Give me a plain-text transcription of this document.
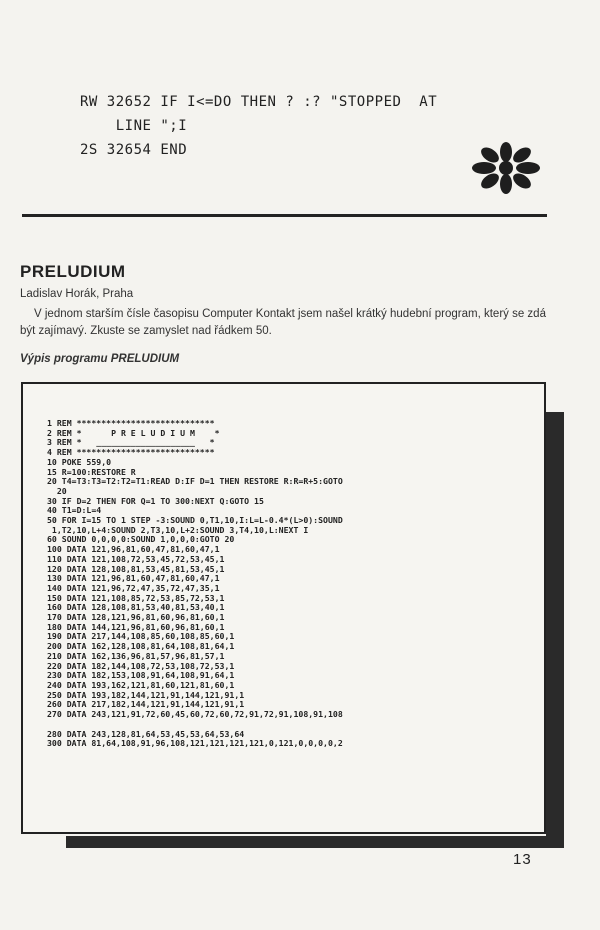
RW 32652 IF I<=DO THEN ? :? "STOPPED  AT
LINE ";I
2S 32654 END
PRELUDIUM
Ladislav Horák, Praha
V jednom starším čísle časopisu Computer Kontakt jsem našel krátký hudební program, který se zdá být zajímavý. Zkuste se zamyslet nad řádkem 50.
Výpis programu PRELUDIUM
1 REM ****************************
2 REM *      P R E L U D I U M    *
3 REM *   ____________________   *
4 REM ****************************
10 POKE 559,0
15 R=100:RESTORE R
20 T4=T3:T3=T2:T2=T1:READ D:IF D=1 THEN RESTORE R:R=R+5:GOTO
20
30 IF D=2 THEN FOR Q=1 TO 300:NEXT Q:GOTO 15
40 T1=D:L=4
50 FOR I=15 TO 1 STEP -3:SOUND 0,T1,10,I:L=L-0.4*(L>0):SOUND
1,T2,10,L+4:SOUND 2,T3,10,L+2:SOUND 3,T4,10,L:NEXT I
60 SOUND 0,0,0,0:SOUND 1,0,0,0:GOTO 20
100 DATA 121,96,81,60,47,81,60,47,1
110 DATA 121,108,72,53,45,72,53,45,1
120 DATA 128,108,81,53,45,81,53,45,1
130 DATA 121,96,81,60,47,81,60,47,1
140 DATA 121,96,72,47,35,72,47,35,1
150 DATA 121,108,85,72,53,85,72,53,1
160 DATA 128,108,81,53,40,81,53,40,1
170 DATA 128,121,96,81,60,96,81,60,1
180 DATA 144,121,96,81,60,96,81,60,1
190 DATA 217,144,108,85,60,108,85,60,1
200 DATA 162,128,108,81,64,108,81,64,1
210 DATA 162,136,96,81,57,96,81,57,1
220 DATA 182,144,108,72,53,108,72,53,1
230 DATA 182,153,108,91,64,108,91,64,1
240 DATA 193,162,121,81,60,121,81,60,1
250 DATA 193,182,144,121,91,144,121,91,1
260 DATA 217,182,144,121,91,144,121,91,1
270 DATA 243,121,91,72,60,45,60,72,60,72,91,72,91,108,91,108

280 DATA 243,128,81,64,53,45,53,64,53,64
300 DATA 81,64,108,91,96,108,121,121,121,121,0,121,0,0,0,0,2
13
